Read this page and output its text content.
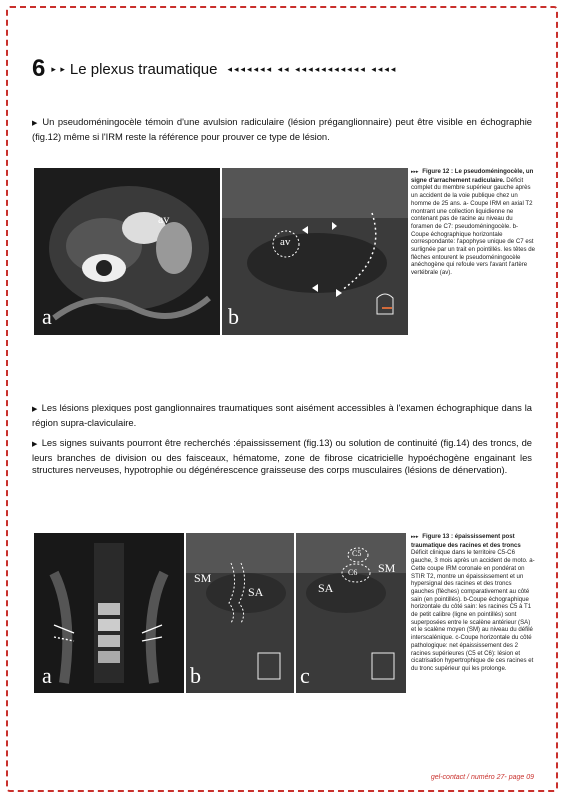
6 ▸ ▸ Le plexus traumatique ◂◂◂◂◂◂◂ ◂◂ ◂◂◂◂◂◂◂◂◂◂◂ ◂◂◂◂

▶ Un pseudoméningocèle témoin d'une avulsion radiculaire (lésion préganglionnaire) peut être visible en échographie (fig.12) même si l'IRM reste la référence pour prouver ce type de lésion.

av
a
av
b
▸▸▸ Figure 12 : Le pseudoméningocèle, un signe d'arrachement radiculaire. Déficit complet du membre supérieur gauche après un accident de la voie publique chez un homme de 25 ans. a- Coupe IRM en axial T2 montrant une collection liquidienne ne contenant pas de racine au niveau du foramen de C7: pseudoméningocèle. b-Coupe échographique horizontale correspondante: l'apophyse unique de C7 est surlignée par un trait en pointillés. les têtes de flèches entourent le pseudoméningocèle anéchogène qui refoule vers l'avant l'artère vertébrale (av).

▶ Les lésions plexiques post ganglionnaires traumatiques sont aisément accessibles à l'examen échographique dans la région supra-claviculaire.

▶ Les signes suivants pourront être recherchés :épaississement (fig.13) ou solution de continuité (fig.14) des troncs, de leurs branches de division ou des faisceaux, hématome, zone de fibrose cicatricielle hypoéchogène engainant les structures nerveuses, hypotrophie ou dégénérescence graisseuse des corps musculaires (lésions de dénervation).

a
SM
SA
b
SA
SM
C5
C6
c
▸▸▸ Figure 13 : épaississement post traumatique des racines et des troncs Déficit clinique dans le territoire C5-C6 gauche, 3 mois après un accident de moto. a-Cette coupe IRM coronale en pondérat on STIR T2, montre un épaississement et un hypersignal des racines et des troncs gauches (flèches) comparativement au côté sain (en pointillés). b-Coupe échographique horizontale du côté sain: les racines C5 à T1 de petit calibre (ligne en pointillés) sont superposées entre le scalène antérieur (SA) et le scalène moyen (SM) au niveau du défilé interscalénique. c-Coupe horizontale du côté pathologique: net épaississement des 2 racines supérieures (C5 et C6): lésion et cicatrisation hypertrophique de ces racines et du tronc supérieur qui les prolonge.
gel-contact / numéro 27- page 09
